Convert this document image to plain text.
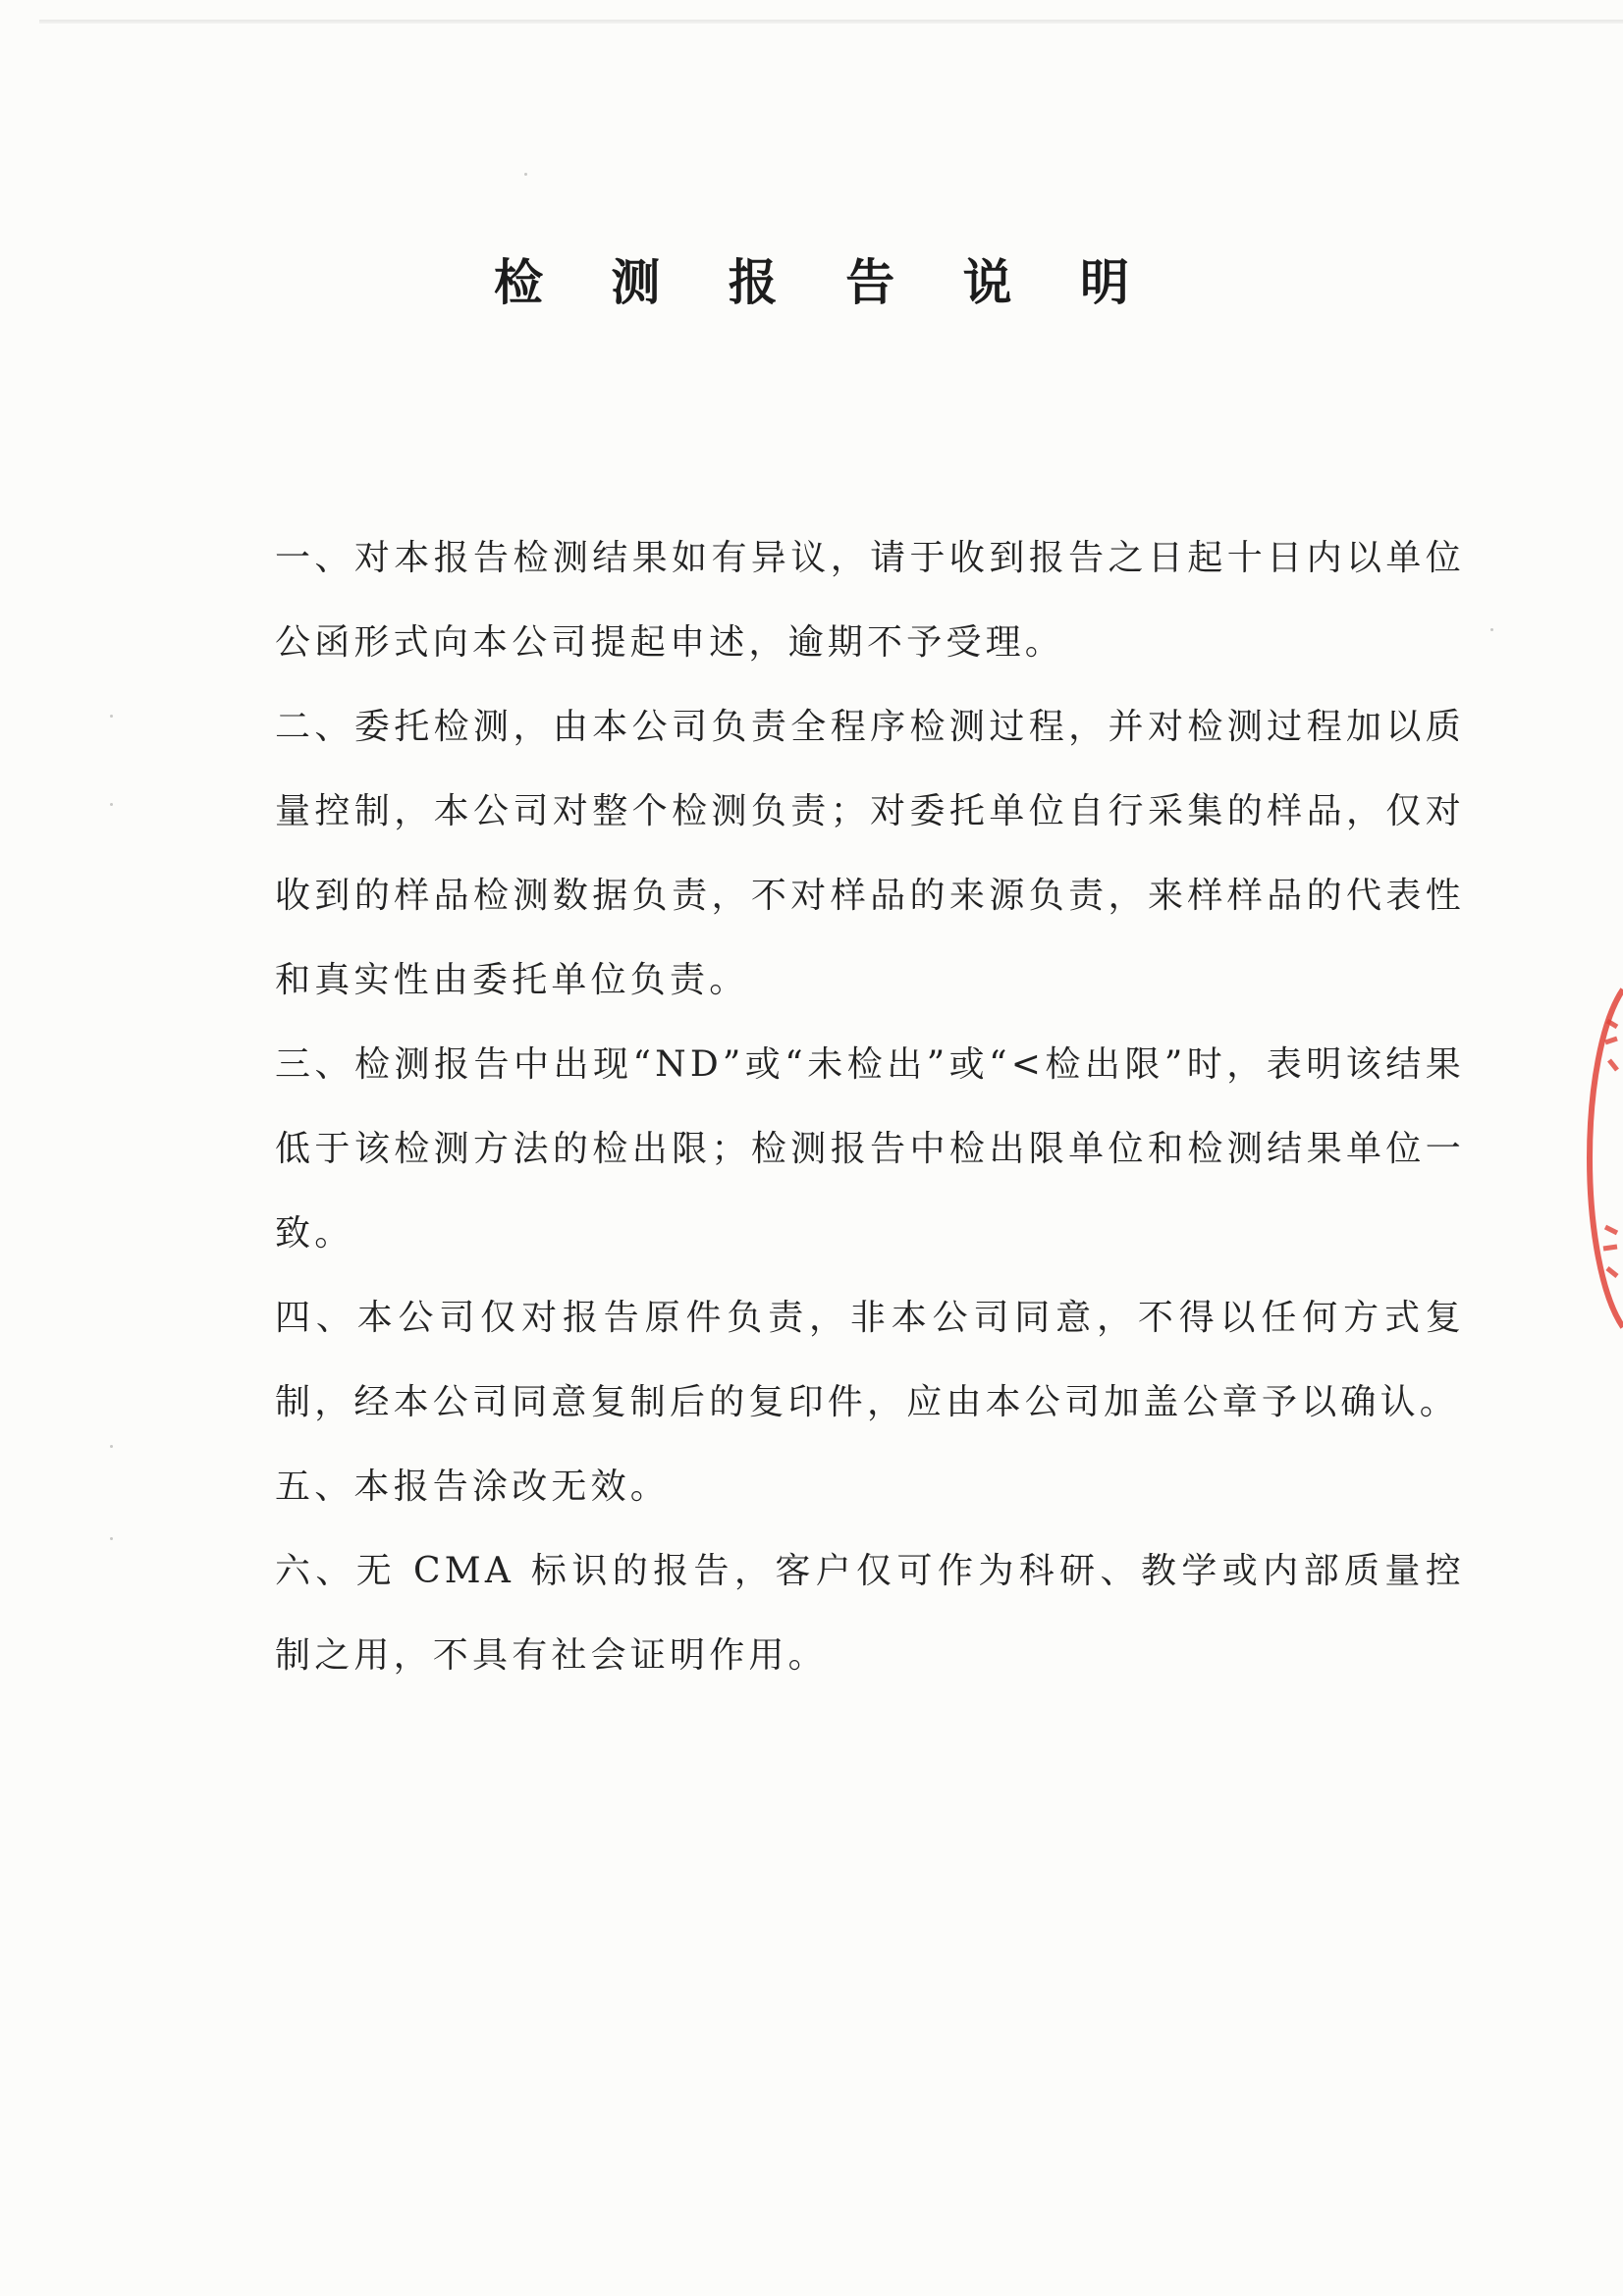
检 测 报 告 说 明

一、对本报告检测结果如有异议，请于收到报告之日起十日内以单位公函形式向本公司提起申述，逾期不予受理。

二、委托检测，由本公司负责全程序检测过程，并对检测过程加以质量控制，本公司对整个检测负责；对委托单位自行采集的样品，仅对收到的样品检测数据负责，不对样品的来源负责，来样样品的代表性和真实性由委托单位负责。

三、检测报告中出现“ND”或“未检出”或“<检出限”时，表明该结果低于该检测方法的检出限；检测报告中检出限单位和检测结果单位一致。

四、本公司仅对报告原件负责，非本公司同意，不得以任何方式复制，经本公司同意复制后的复印件，应由本公司加盖公章予以确认。

五、本报告涂改无效。

六、无 CMA 标识的报告，客户仅可作为科研、教学或内部质量控制之用，不具有社会证明作用。
